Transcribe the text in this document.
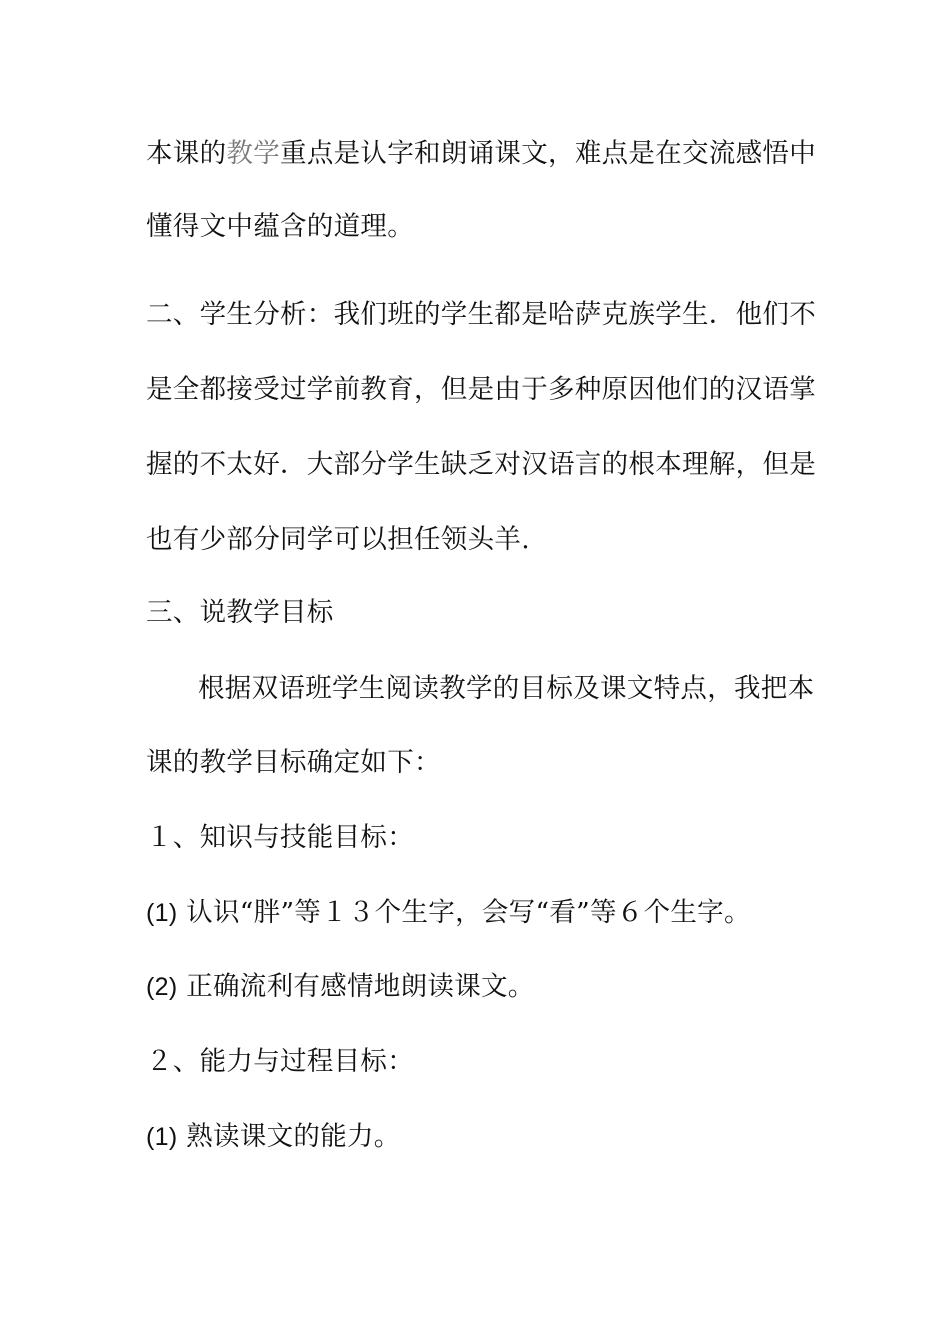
本课的教学重点是认字和朗诵课文，难点是在交流感悟中
懂得文中蕴含的道理。
二、学生分析：我们班的学生都是哈萨克族学生．他们不
是全都接受过学前教育，但是由于多种原因他们的汉语掌
握的不太好．大部分学生缺乏对汉语言的根本理解，但是
也有少部分同学可以担任领头羊.
三、说教学目标
根据双语班学生阅读教学的目标及课文特点，我把本
课的教学目标确定如下：
１、知识与技能目标：
(1) 认识“胖”等１３个生字，会写“看”等６个生字。
(2) 正确流利有感情地朗读课文。
２、能力与过程目标：
(1) 熟读课文的能力。
